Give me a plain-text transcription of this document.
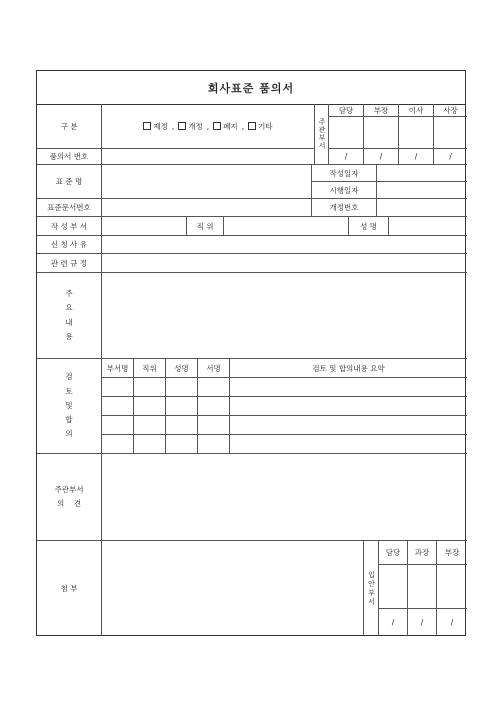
회사표준 품의서
구 분	제정 ,	개정 ,	폐지 ,	기타	주관부서
담당	부장	이사	사장
/	/	/	/
품의서 번호
표 준 명
작성일자
시행일자
표준문서번호	개정번호
작 성 부 서	직 위	성 명
신 청 사 유
관 련 규 정
주
요
내
용
검
토
및
합
의
부서명	직위	성명	서명	검토 및 합의내용 요약
주관부서
의    견
첨 부	입안부서
담당	과장	부장
/	/	/
